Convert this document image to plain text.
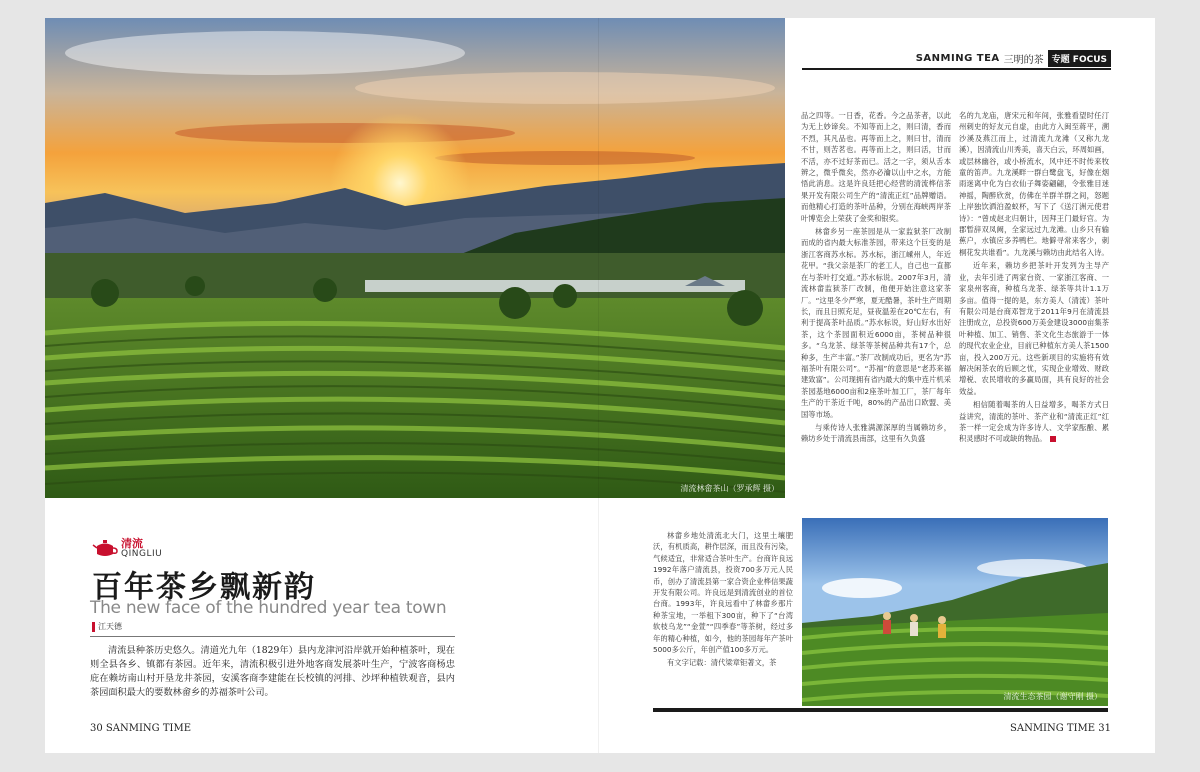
清流林畲茶山（罗承辉 摄）
SANMING TEA 三明的茶 专题 FOCUS

品之四等。一日香，花香。今之品茶者，以此为无上妙谛矣。不知等而上之，则曰清，香而不烈，其凡品也。再等而上之，则曰甘，清而不甘，则苦茗也。再等而上之，则曰活，甘而不活，亦不过好茶而已。活之一字，须从舌本辨之，微乎微矣，然亦必瀹以山中之水，方能悟此消息。这是许良廷把心经营的清流桦信茶果开发有限公司生产的“清流正红”品牌赠语。而他精心打造的茶叶品种，分别在海峡两岸茶叶博览会上荣获了金奖和银奖。

林畲乡另一座茶园是从一家监狱茶厂改制而成的省内最大标准茶园，带来这个巨变的是浙江客商苏水标。苏水标，浙江嵊州人，年近花甲。“我父亲是茶厂的老工人，自己也一直都在与茶叶打交道。”苏水标说。2007年3月，清流林畲监狱茶厂改制，他便开始注意这家茶厂。“这里冬少严寒，夏无酷暑，茶叶生产周期长，而且日照充足，昼夜温差在20℃左右，有利于提高茶叶品质。”苏水标说，好山好水出好茶，这个茶园面积近6000亩，茶树品种很多。“乌龙茶、绿茶等茶树品种共有17个，总种多，生产丰富。”茶厂改制成功后，更名为“苏福茶叶有限公司”。“苏福”的意思是“老苏来福建致富”。公司现拥有省内最大的集中连片机采茶园基地6000亩和2座茶叶加工厂，茶厂每年生产的干茶近千吨，80%的产品出口欧盟、美国等市场。

与乘传诗人张雅满源深厚的当属赖坊乡，赖坊乡处于清流县南部，这里有久负盛

名的九龙庙，唐宋元和年间，张雅看望时任汀州刺史的好友元自虚，由此方入闽至蒋平，溯沙溪及燕江而上，过清流九龙滩（又称九龙溪），因清流山川秀美，喜天白云，环周如画，或层林幽谷，或小桥流水，风中还不时传来牧童的笛声。九龙溪畔一群白鹭盘飞，好像在烟雨迷离中化为白衣仙子舞姿翩翩，令张雅目迷神摇，陶醉欣赏，仿佛在羊群羊群之间，怒题上岸独饮洒泊盈蚁杯，写下了《送汀洲元使君诗》：“曾成赵北归朝计，因拜王门最好官。为郡暂辞双凤阙，全家远过九龙滩。山乡只有输蕉户，水镇应多养鸭栏。地僻寻常来客少，刺桐花发共谁看”。九龙溪与赖坊由此结名入诗。

近年来，赖坊乡把茶叶开发列为主导产业，去年引进了两家台资、一家浙江客商、一家泉州客商，种植乌龙茶、绿茶等共计1.1万多亩。值得一提的是，东方美人（清流）茶叶有限公司是台商邓智龙于2011年9月在清流县注册成立，总投资600万美金建设3000亩集茶叶种植、加工、销售、茶文化生态旅游于一体的现代农业企业，目前已种植东方美人茶1500亩，投入200万元。这些新项目的实施将有效解决闲茶农的后顾之忧，实现企业增效、财政增税、农民增收的多赢局面，具有良好的社会效益。

相信随着喝茶的人日益增多，喝茶方式日益讲究，清流的茶叶、茶产业和“清流正红”红茶一样一定会成为许多诗人、文学家酝酿、累积灵感时不可或缺的物品。

清流生态茶园（谢守刚 摄）
清流
QINGLIU
百年茶乡飘新韵
The new face of the hundred year tea town
江天德

清流县种茶历史悠久。清道光九年（1829年）县内龙津河沿岸就开始种植茶叶，现在则全县各乡、镇都有茶园。近年来，清流积极引进外地客商发展茶叶生产，宁波客商杨忠庇在赖坊南山村开垦龙井茶园，安溪客商李建能在长校镇的河排、沙坪种植铁观音，县内茶园面积最大的要数林畲乡的苏福茶叶公司。

林畲乡地处清流北大门，这里土壤肥沃，有机质高，耕作层深，而且没有污染，气候适宜，非常适合茶叶生产。台商许良远1992年落户清流县，投资700多万元人民币，创办了清流县第一家合资企业桦信果蔬开发有限公司。许良远是到清流创业的首位台商。1993年，许良远看中了林畲乡那片种茶宝地，一举租下300亩，种下了“台湾软枝乌龙”“金萱”“四季春”等茶树，经过多年的精心种植，如今，他的茶园每年产茶叶5000多公斤，年创产值100多万元。

有文字记载：清代梁章钜著文，茶

30 SANMING TIME	SANMING TIME 31
